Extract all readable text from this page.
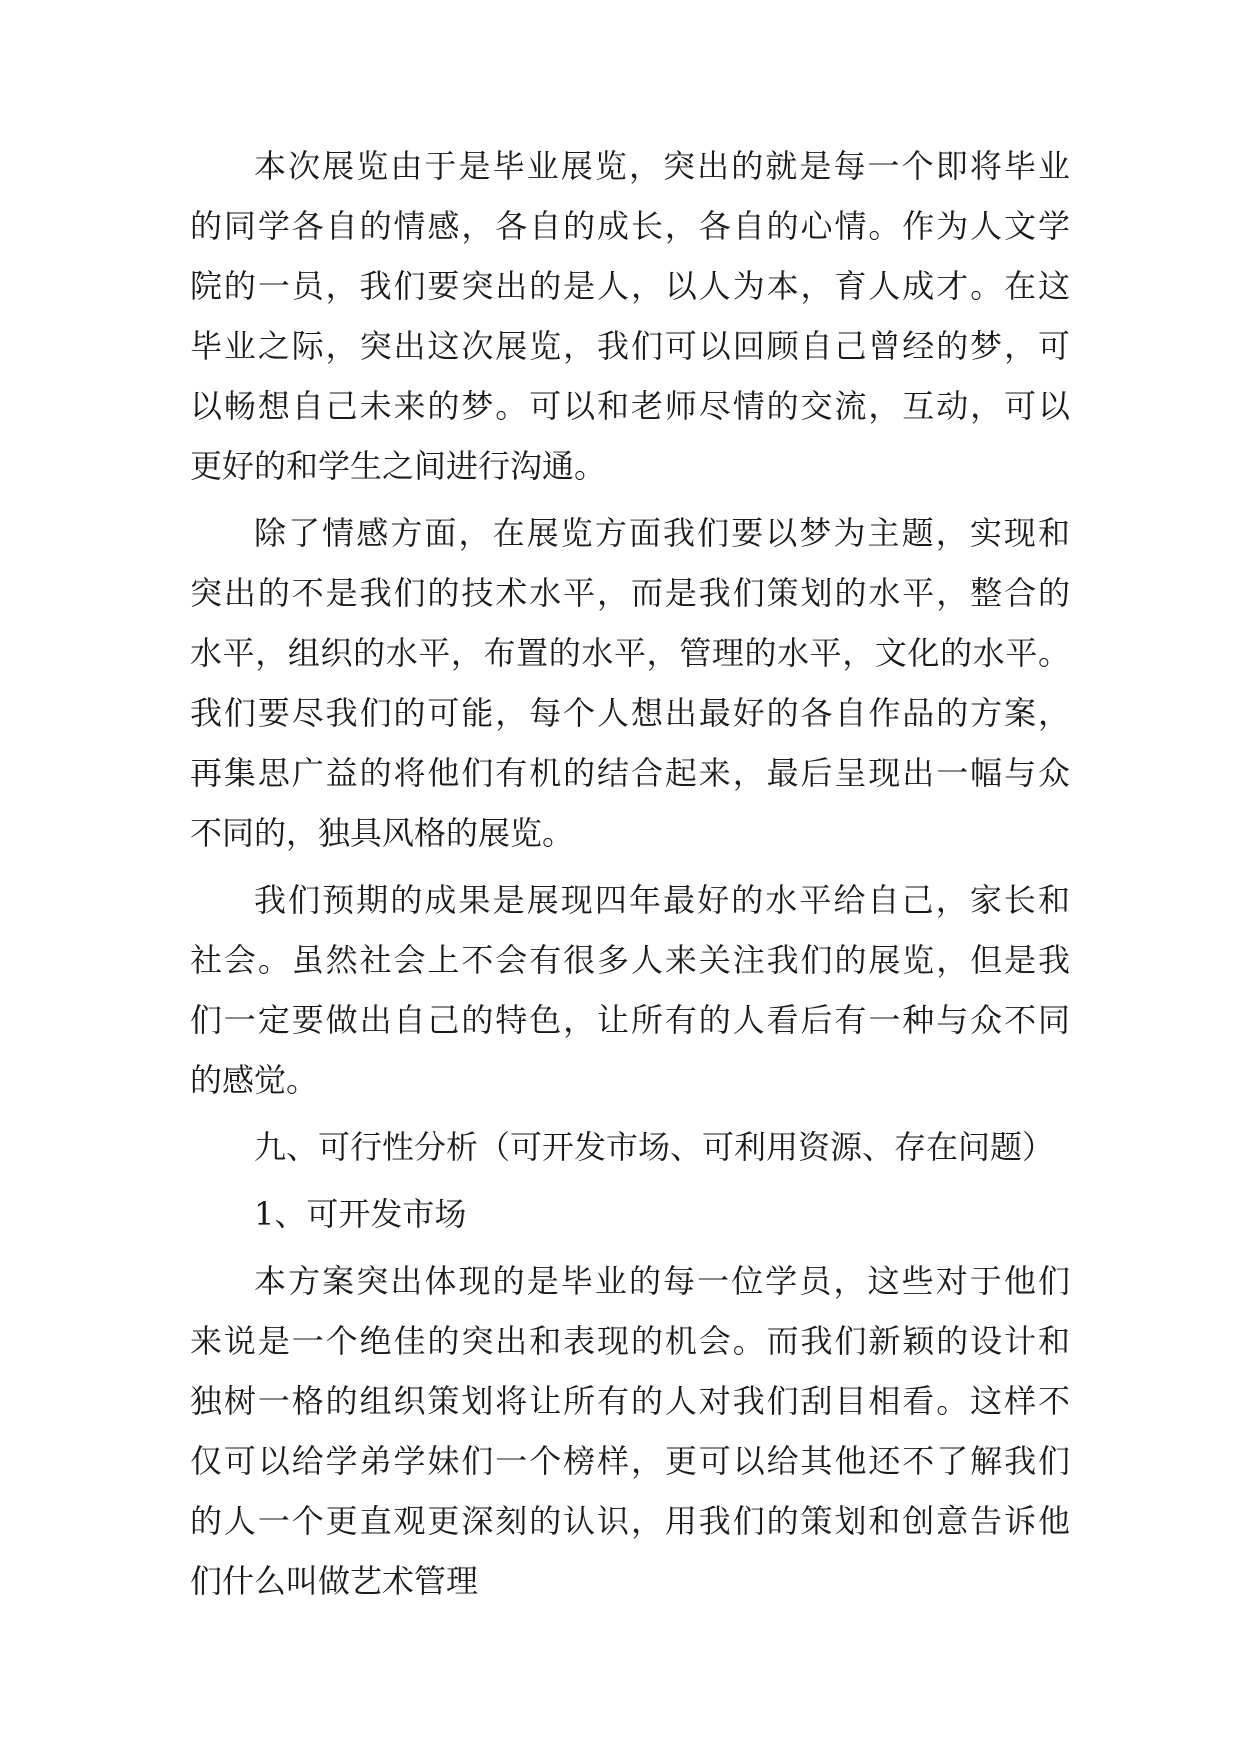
本次展览由于是毕业展览，突出的就是每一个即将毕业
的同学各自的情感，各自的成长，各自的心情。作为人文学
院的一员，我们要突出的是人，以人为本，育人成才。在这
毕业之际，突出这次展览，我们可以回顾自己曾经的梦，可
以畅想自己未来的梦。可以和老师尽情的交流，互动，可以
更好的和学生之间进行沟通。
除了情感方面，在展览方面我们要以梦为主题，实现和
突出的不是我们的技术水平，而是我们策划的水平，整合的
水平，组织的水平，布置的水平，管理的水平，文化的水平。
我们要尽我们的可能，每个人想出最好的各自作品的方案，
再集思广益的将他们有机的结合起来，最后呈现出一幅与众
不同的，独具风格的展览。
我们预期的成果是展现四年最好的水平给自己，家长和
社会。虽然社会上不会有很多人来关注我们的展览，但是我
们一定要做出自己的特色，让所有的人看后有一种与众不同
的感觉。
九、可行性分析（可开发市场、可利用资源、存在问题）
1、可开发市场
本方案突出体现的是毕业的每一位学员，这些对于他们
来说是一个绝佳的突出和表现的机会。而我们新颖的设计和
独树一格的组织策划将让所有的人对我们刮目相看。这样不
仅可以给学弟学妹们一个榜样，更可以给其他还不了解我们
的人一个更直观更深刻的认识，用我们的策划和创意告诉他
们什么叫做艺术管理
